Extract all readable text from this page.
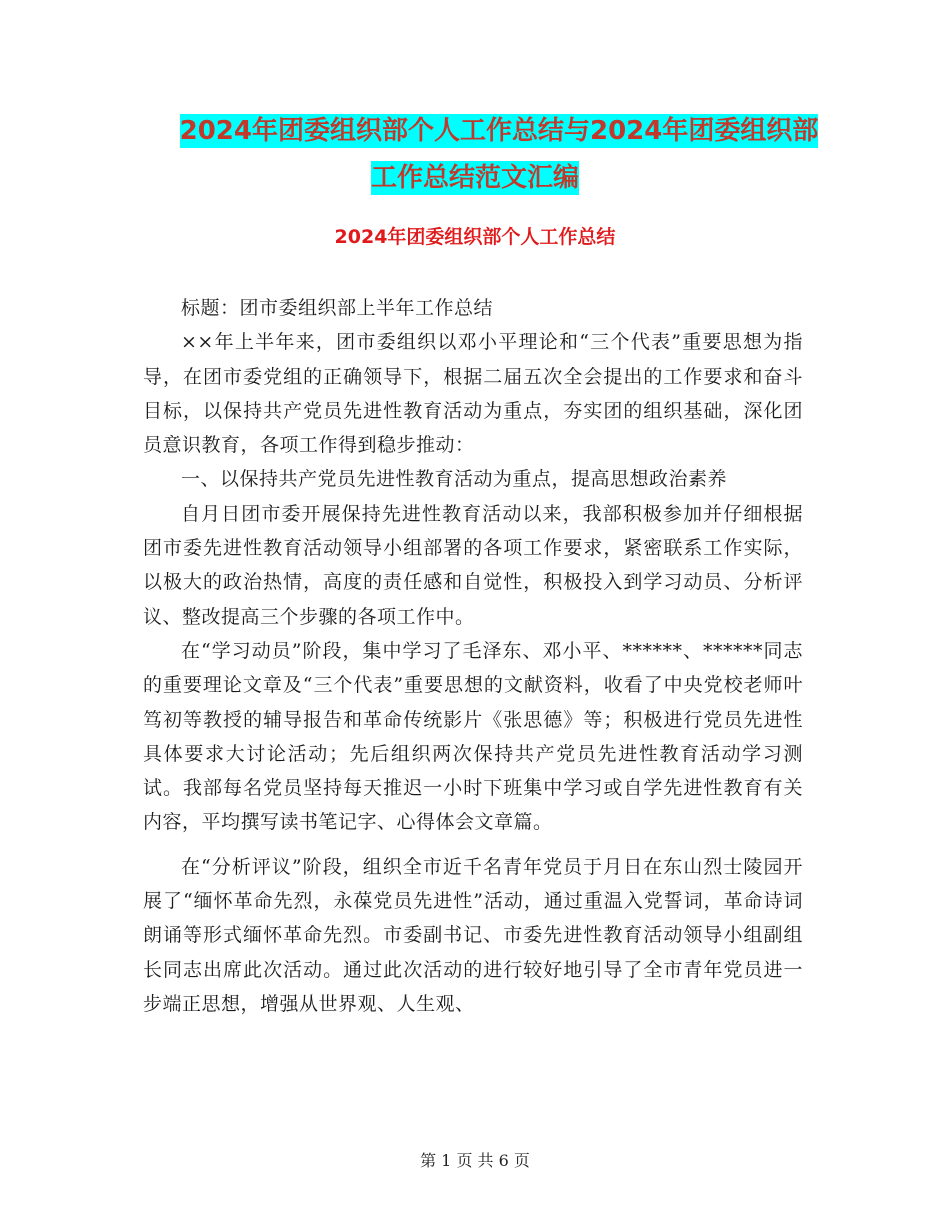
2024年团委组织部个人工作总结与2024年团委组织部
工作总结范文汇编
2024年团委组织部个人工作总结

标题：团市委组织部上半年工作总结

××年上半年来，团市委组织以邓小平理论和“三个代表”重要思想为指导，在团市委党组的正确领导下，根据二届五次全会提出的工作要求和奋斗目标，以保持共产党员先进性教育活动为重点，夯实团的组织基础，深化团员意识教育，各项工作得到稳步推动：

一、以保持共产党员先进性教育活动为重点，提高思想政治素养

自月日团市委开展保持先进性教育活动以来，我部积极参加并仔细根据团市委先进性教育活动领导小组部署的各项工作要求，紧密联系工作实际，以极大的政治热情，高度的责任感和自觉性，积极投入到学习动员、分析评议、整改提高三个步骤的各项工作中。

在“学习动员”阶段，集中学习了毛泽东、邓小平、******、******同志的重要理论文章及“三个代表”重要思想的文献资料，收看了中央党校老师叶笃初等教授的辅导报告和革命传统影片《张思德》等；积极进行党员先进性具体要求大讨论活动；先后组织两次保持共产党员先进性教育活动学习测试。我部每名党员坚持每天推迟一小时下班集中学习或自学先进性教育有关内容，平均撰写读书笔记字、心得体会文章篇。

在“分析评议”阶段，组织全市近千名青年党员于月日在东山烈士陵园开展了“缅怀革命先烈，永葆党员先进性”活动，通过重温入党誓词，革命诗词朗诵等形式缅怀革命先烈。市委副书记、市委先进性教育活动领导小组副组长同志出席此次活动。通过此次活动的进行较好地引导了全市青年党员进一步端正思想，增强从世界观、人生观、

第 1 页 共 6 页
